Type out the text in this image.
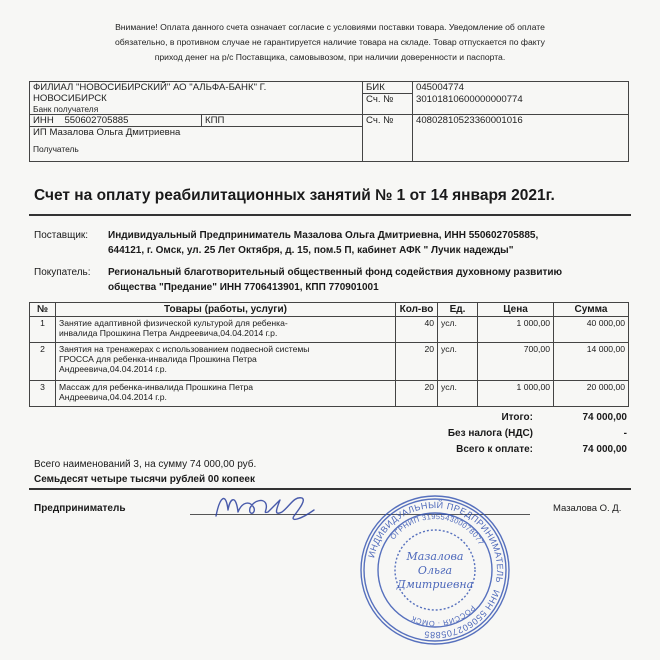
Внимание! Оплата данного счета означает согласие с условиями поставки товара. Уведомление об оплате
обязательно, в противном случае не гарантируется наличие товара на складе. Товар отпускается по факту
приход денег на р/с Поставщика, самовывозом, при наличии доверенности и паспорта.
ФИЛИАЛ "НОВОСИБИРСКИЙ" АО "АЛЬФА-БАНК" Г.
НОВОСИБИРСК		БИК	045004774
		Сч. №	30101810600000000774
Банк получателя			
ИНН 550602705885	КПП	Сч. №	40802810523360001016

ИП Мазалова Ольга Дмитриевна
Получатель			
Счет на оплату реабилитационных занятий № 1 от 14 января 2021г.
Поставщик: Индивидуальный Предприниматель Мазалова Ольга Дмитриевна, ИНН 550602705885,
644121, г. Омск, ул. 25 Лет Октября, д. 15, пом.5 П, кабинет АФК " Лучик надежды"
Покупатель: Региональный благотворительный общественный фонд содействия духовному развитию
общества "Предание" ИНН 7706413901, КПП 770901001
№	Товары (работы, услуги)	Кол-во	Ед.	Цена	Сумма
1	Занятие адаптивной физической культурой для ребенка-
инвалида Прошкина Петра Андреевича,04.04.2014 г.р.	40	усл.	1 000,00	40 000,00
2	Занятия на тренажерах с использованием подвесной системы
ГРОССА для ребенка-инвалида Прошкина Петра
Андреевича,04.04.2014 г.р.	20	усл.	700,00	14 000,00
3	Массаж для ребенка-инвалида Прошкина Петра
Андреевича,04.04.2014 г.р.	20	усл.	1 000,00	20 000,00
Итого:	74 000,00
Без налога (НДС)	-
Всего к оплате:	74 000,00
Всего наименований 3, на сумму 74 000,00 руб.
Семьдесят четыре тысячи рублей 00 копеек
Предприниматель	Мазалова О. Д.
ИНДИВИДУАЛЬНЫЙ ПРЕДПРИНИМАТЕЛЬ
ИНН 550602705885
ОГРНИП 319554300078077
РОССИЯ · ОМСК
Мазалова
Ольга
Дмитриевна
